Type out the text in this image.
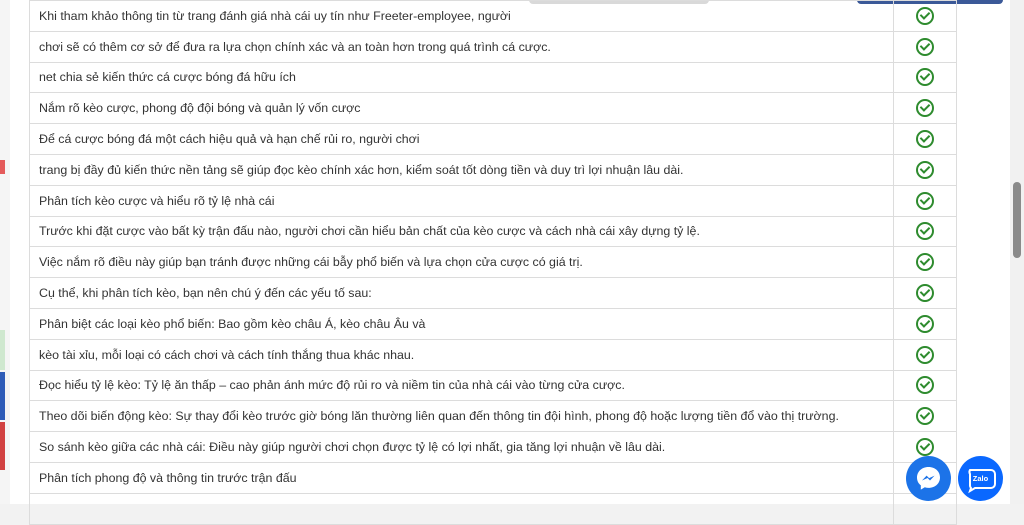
Khi tham khảo thông tin từ trang đánh giá nhà cái uy tín như Freeter-employee, người	
chơi sẽ có thêm cơ sở để đưa ra lựa chọn chính xác và an toàn hơn trong quá trình cá cược.	
net chia sẻ kiến thức cá cược bóng đá hữu ích	
Nắm rõ kèo cược, phong độ đội bóng và quản lý vốn cược	
Để cá cược bóng đá một cách hiệu quả và hạn chế rủi ro, người chơi	
trang bị đầy đủ kiến thức nền tảng sẽ giúp đọc kèo chính xác hơn, kiểm soát tốt dòng tiền và duy trì lợi nhuận lâu dài.	
Phân tích kèo cược và hiểu rõ tỷ lệ nhà cái	
Trước khi đặt cược vào bất kỳ trận đấu nào, người chơi cần hiểu bản chất của kèo cược và cách nhà cái xây dựng tỷ lệ.	
Việc nắm rõ điều này giúp bạn tránh được những cái bẫy phổ biến và lựa chọn cửa cược có giá trị.	
Cụ thể, khi phân tích kèo, bạn nên chú ý đến các yếu tố sau:	
Phân biệt các loại kèo phổ biến: Bao gồm kèo châu Á, kèo châu Âu và	
kèo tài xỉu, mỗi loại có cách chơi và cách tính thắng thua khác nhau.	
Đọc hiểu tỷ lệ kèo: Tỷ lệ ăn thấp – cao phản ánh mức độ rủi ro và niềm tin của nhà cái vào từng cửa cược.	
Theo dõi biến động kèo: Sự thay đổi kèo trước giờ bóng lăn thường liên quan đến thông tin đội hình, phong độ hoặc lượng tiền đổ vào thị trường.	
So sánh kèo giữa các nhà cái: Điều này giúp người chơi chọn được tỷ lệ có lợi nhất, gia tăng lợi nhuận về lâu dài.	
Phân tích phong độ và thông tin trước trận đấu	
		Zalo
